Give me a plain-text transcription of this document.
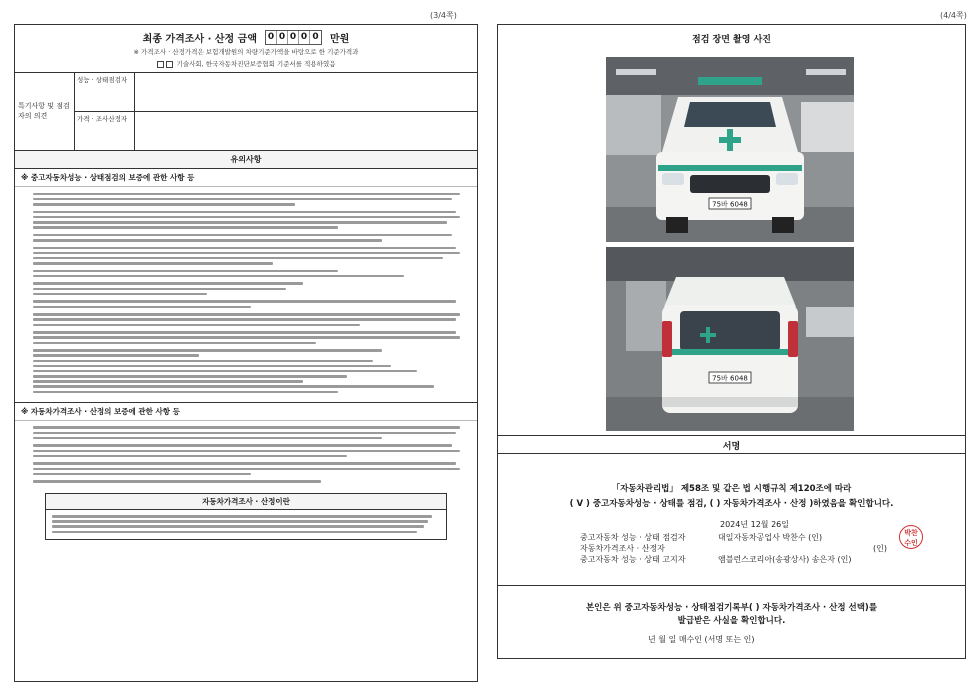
(3/4쪽)	(4/4쪽)
최종 가격조사 · 산정 금액 0 0 0 0 0 만원
※ 가격조사 · 산정가격은 보험개발원의 차량기준가액을 바탕으로 한 기준가격과
기술사회, 한국자동차진단보증협회 기준서를 적용하였음
특기사항 및 점검자의 의견
성능 · 상태점검자
가격 · 조사산정자
유의사항
※ 중고자동차성능 · 상태점검의 보증에 관한 사항 등
※ 자동차가격조사 · 산정의 보증에 관한 사항 등
자동차가격조사 · 산정이란
점검 장면 촬영 사진
75바 6048
75바 6048
서명
「자동차관리법」 제58조 및 같은 법 시행규칙 제120조에 따라
( V ) 중고자동차성능 · 상태를 점검, ( ) 자동차가격조사 · 산정 )하였음을 확인합니다.
2024년 12월 26일
중고자동차 성능 · 상태 점검자	대일자동차공업사 박찬수 (인)
자동차가격조사 · 산정자	(인)
중고자동차 성능 · 상태 고지자	앰블런스코리아(송광상사) 송은자 (인)
박찬 수인
본인은 위 중고자동차성능 · 상태점검기록부( ) 자동차가격조사 · 산정 선택)를
발급받은 사실을 확인합니다.
년 월 일 매수인 (서명 또는 인)
